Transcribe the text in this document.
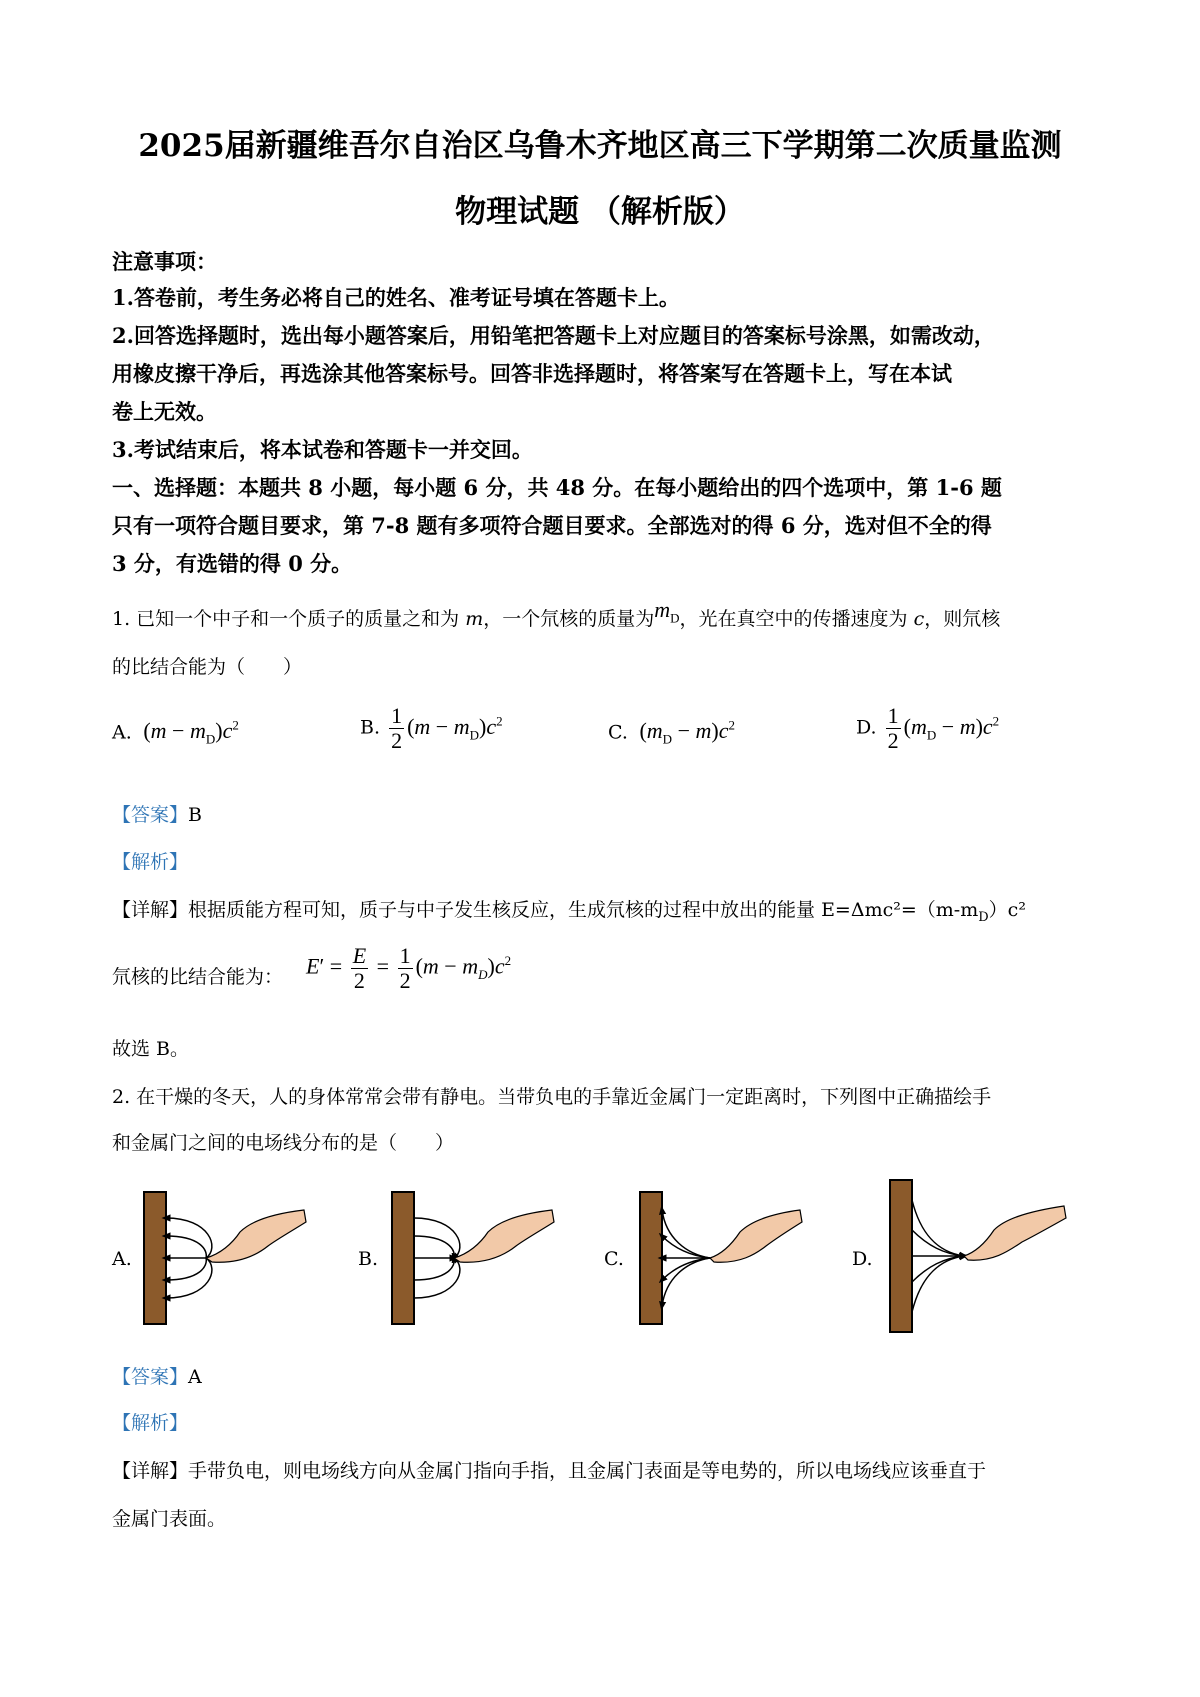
2025届新疆维吾尔自治区乌鲁木齐地区高三下学期第二次质量监测
物理试题 （解析版）
注意事项：
1.答卷前，考生务必将自己的姓名、准考证号填在答题卡上。
2.回答选择题时，选出每小题答案后，用铅笔把答题卡上对应题目的答案标号涂黑，如需改动，
用橡皮擦干净后，再选涂其他答案标号。回答非选择题时，将答案写在答题卡上，写在本试
卷上无效。
3.考试结束后，将本试卷和答题卡一并交回。
一、选择题：本题共 8 小题，每小题 6 分，共 48 分。在每小题给出的四个选项中，第 1-6 题
只有一项符合题目要求，第 7-8 题有多项符合题目要求。全部选对的得 6 分，选对但不全的得
3 分，有选错的得 0 分。
1. 已知一个中子和一个质子的质量之和为 m，一个氘核的质量为$m_D$，光在真空中的传播速度为 c，则氘核
的比结合能为（　　）
A.  $(m - m_D)c^2$	B. $\frac{1}{2} (m - m_D)c^2$
C.  $(m_D - m)c^2$	D. $\frac{1}{2} (m_D - m)c^2$
【答案】B
【解析】
【详解】根据质能方程可知，质子与中子发生核反应，生成氘核的过程中放出的能量 $E=\Delta mc^2=(m-m_D)c^2$
氘核的比结合能为： $E' = \frac{E}{2} = \frac{1}{2} (m - m_D)c^2$
故选 B。
2. 在干燥的冬天，人的身体常常会带有静电。当带负电的手靠近金属门一定距离时，下列图中正确描绘手
和金属门之间的电场线分布的是（　　）
A.	B.	C.	D.
【答案】A
【解析】
【详解】手带负电，则电场线方向从金属门指向手指，且金属门表面是等电势的，所以电场线应该垂直于
金属门表面。
